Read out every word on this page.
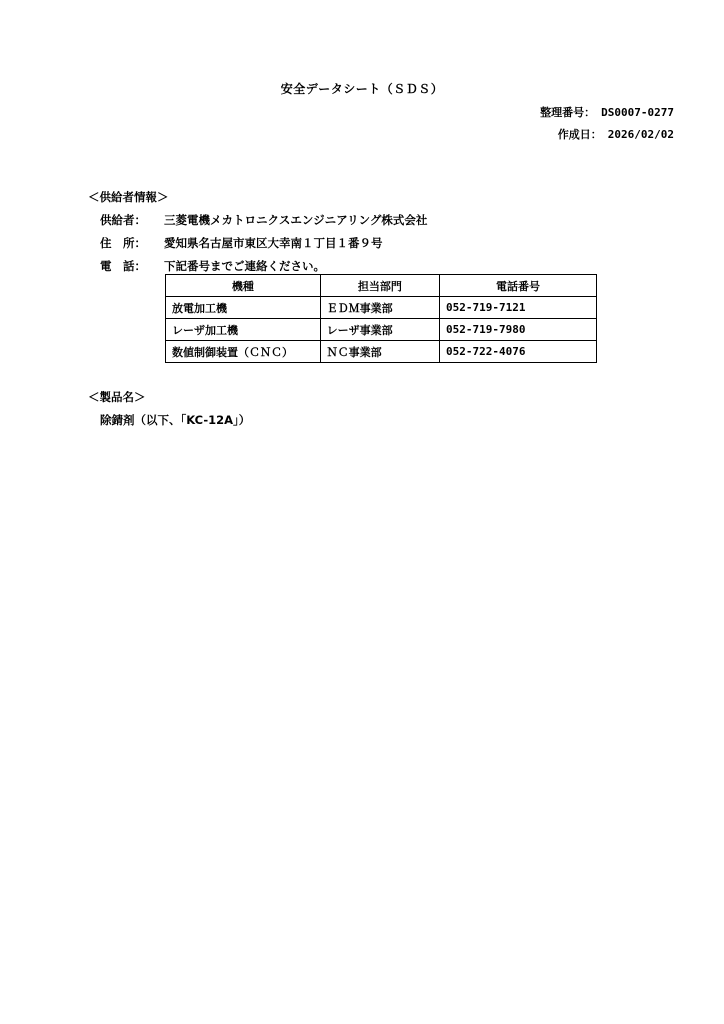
安全データシート（ＳＤＳ）
整理番号： DS0007-0277
作成日： 2026/02/02
＜供給者情報＞
供給者：	三菱電機メカトロニクスエンジニアリング株式会社
住　所：	愛知県名古屋市東区大幸南１丁目１番９号
電　話：	下記番号までご連絡ください。
機種	担当部門	電話番号
放電加工機	ＥＤＭ事業部	052-719-7121
レーザ加工機	レーザ事業部	052-719-7980
数値制御装置（ＣＮＣ）	ＮＣ事業部	052-722-4076
＜製品名＞
除錆剤（以下、「KC-12A」）
